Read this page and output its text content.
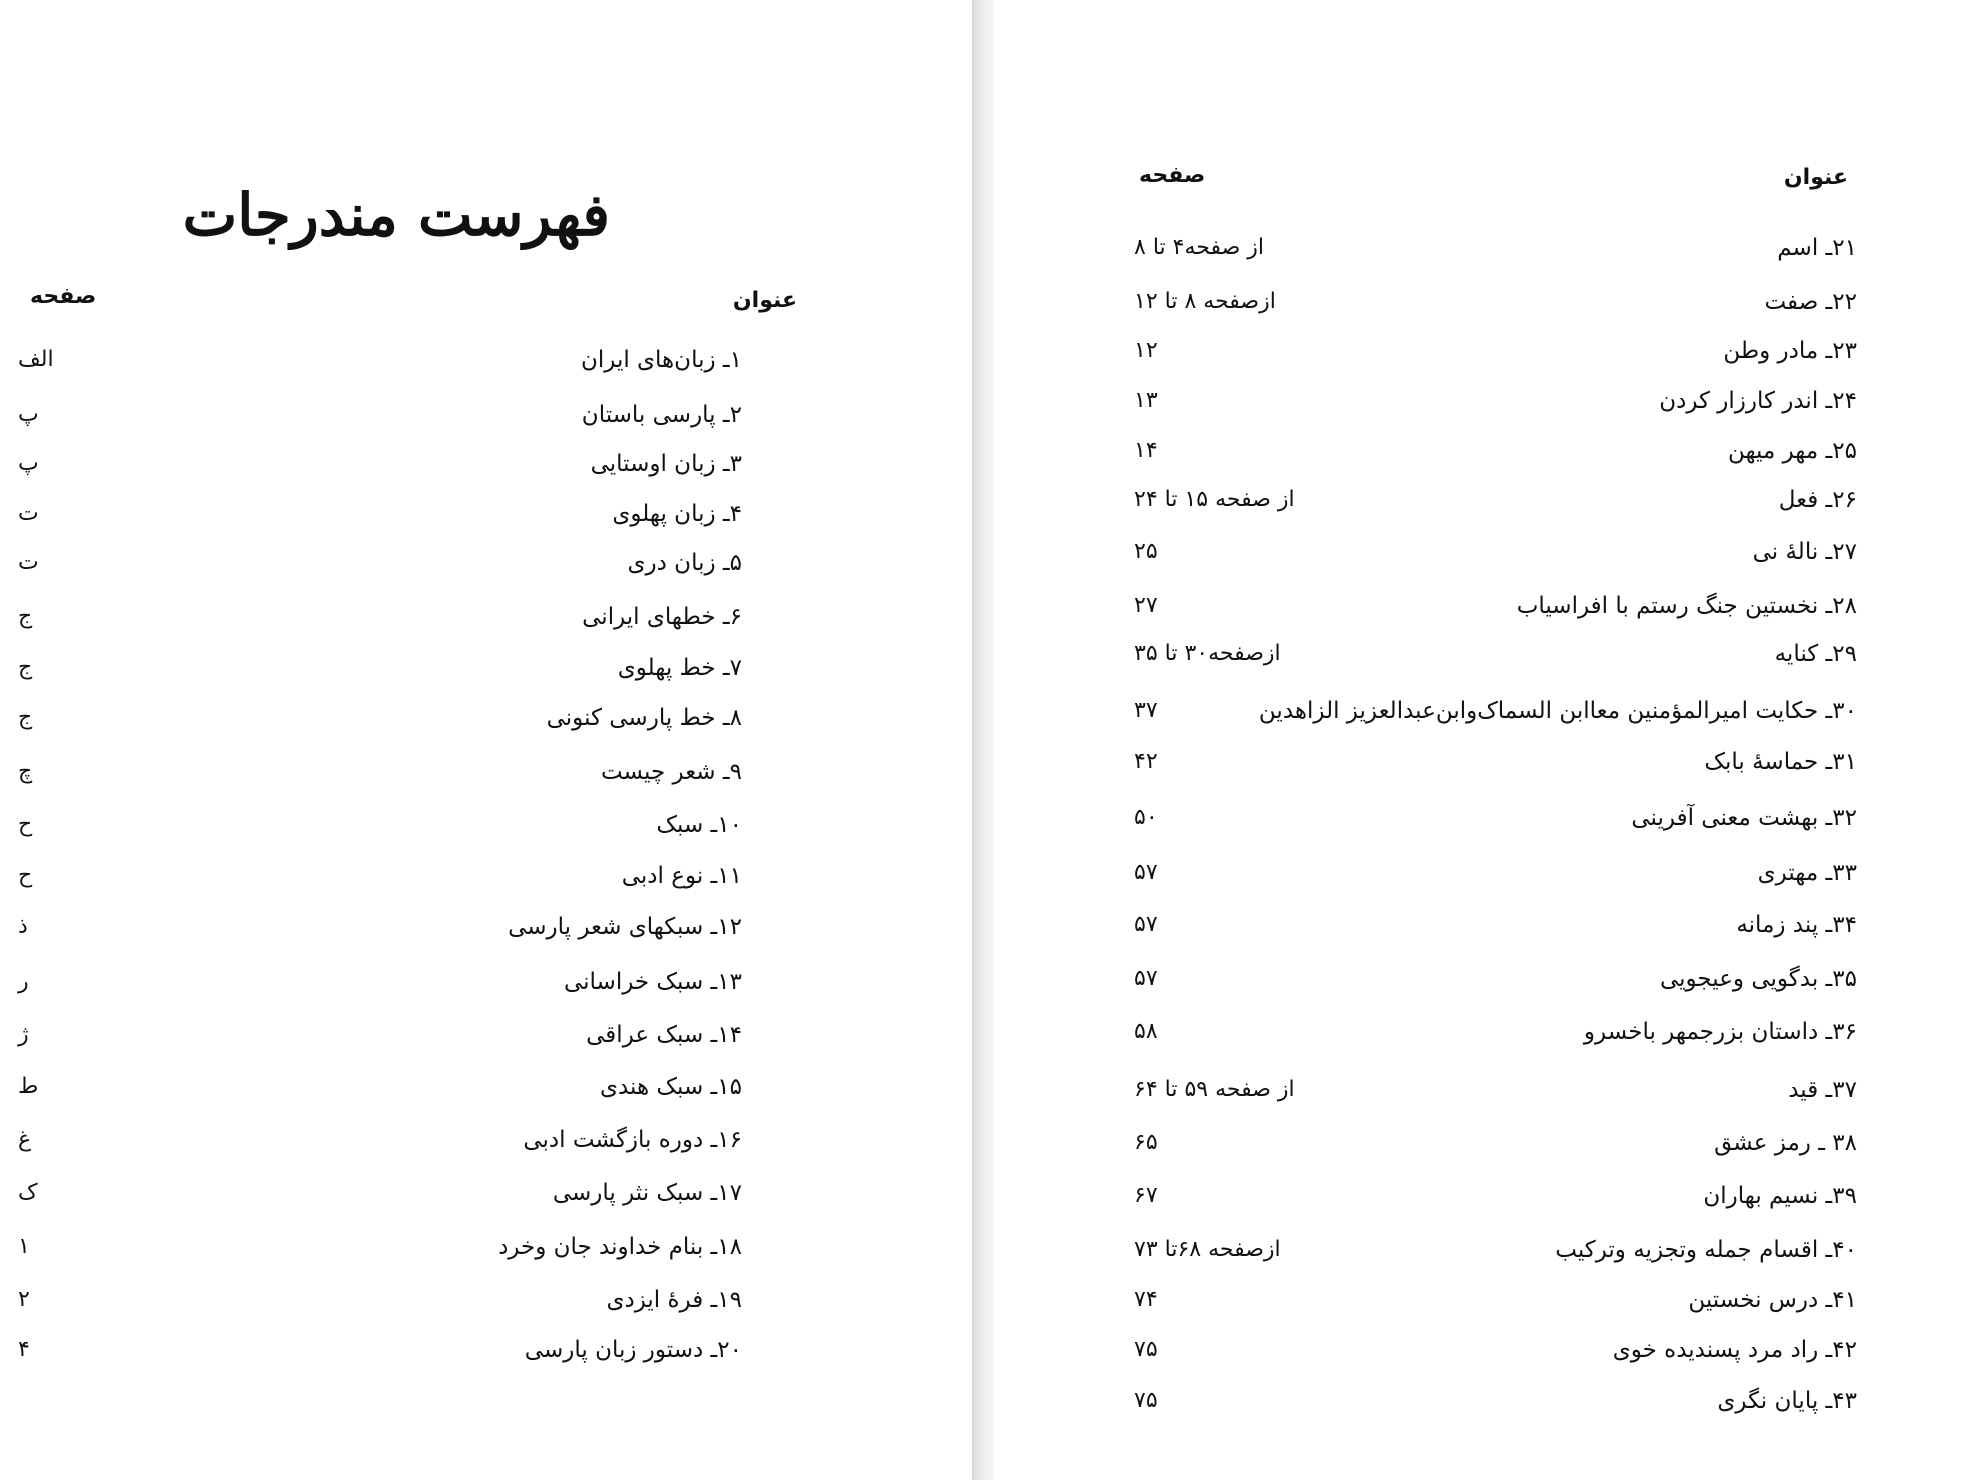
فهرست مندرجات
عنوان
صفحه
۱ـ زبان‌های ایران
الف
۲ـ پارسی باستان
پ
۳ـ زبان اوستایی
پ
۴ـ زبان پهلوی
ت
۵ـ زبان دری
ت
۶ـ خطهای ایرانی
ج
۷ـ خط پهلوی
ج
۸ـ خط پارسی کنونی
ج
۹ـ شعر چیست
چ
۱۰ـ سبک
ح
۱۱ـ نوع ادبی
ح
۱۲ـ سبکهای شعر پارسی
ذ
۱۳ـ سبک خراسانی
ر
۱۴ـ سبک عراقی
ژ
۱۵ـ سبک هندی
ط
۱۶ـ دوره بازگشت ادبی
غ
۱۷ـ سبک نثر پارسی
ک
۱۸ـ بنام خداوند جان وخرد
۱
۱۹ـ فرهٔ ایزدی
۲
۲۰ـ دستور زبان پارسی
۴
عنوان
صفحه
۲۱ـ اسم
از صفحه۴ تا ۸
۲۲ـ صفت
ازصفحه ۸ تا ۱۲
۲۳ـ مادر وطن
۱۲
۲۴ـ اندر کارزار کردن
۱۳
۲۵ـ مهر میهن
۱۴
۲۶ـ فعل
از صفحه ۱۵ تا ۲۴
۲۷ـ نالهٔ نی
۲۵
۲۸ـ نخستین جنگ رستم با افراسیاب
۲۷
۲۹ـ کنایه
ازصفحه۳۰ تا ۳۵
۳۰ـ حکایت امیرالمؤمنین معاابن السماک‌وابن‌عبدالعزیز الزاهدین
۳۷
۳۱ـ حماسهٔ بابک
۴۲
۳۲ـ بهشت معنی آفرینی
۵۰
۳۳ـ مهتری
۵۷
۳۴ـ پند زمانه
۵۷
۳۵ـ بدگویی وعیجویی
۵۷
۳۶ـ داستان بزرجمهر باخسرو
۵۸
۳۷ـ قید
از صفحه ۵۹ تا ۶۴
۳۸ ـ رمز عشق
۶۵
۳۹ـ نسیم بهاران
۶۷
۴۰ـ اقسام جمله وتجزیه وترکیب
ازصفحه ۶۸تا ۷۳
۴۱ـ درس نخستین
۷۴
۴۲ـ راد مرد پسندیده خوی
۷۵
۴۳ـ پایان نگری
۷۵
